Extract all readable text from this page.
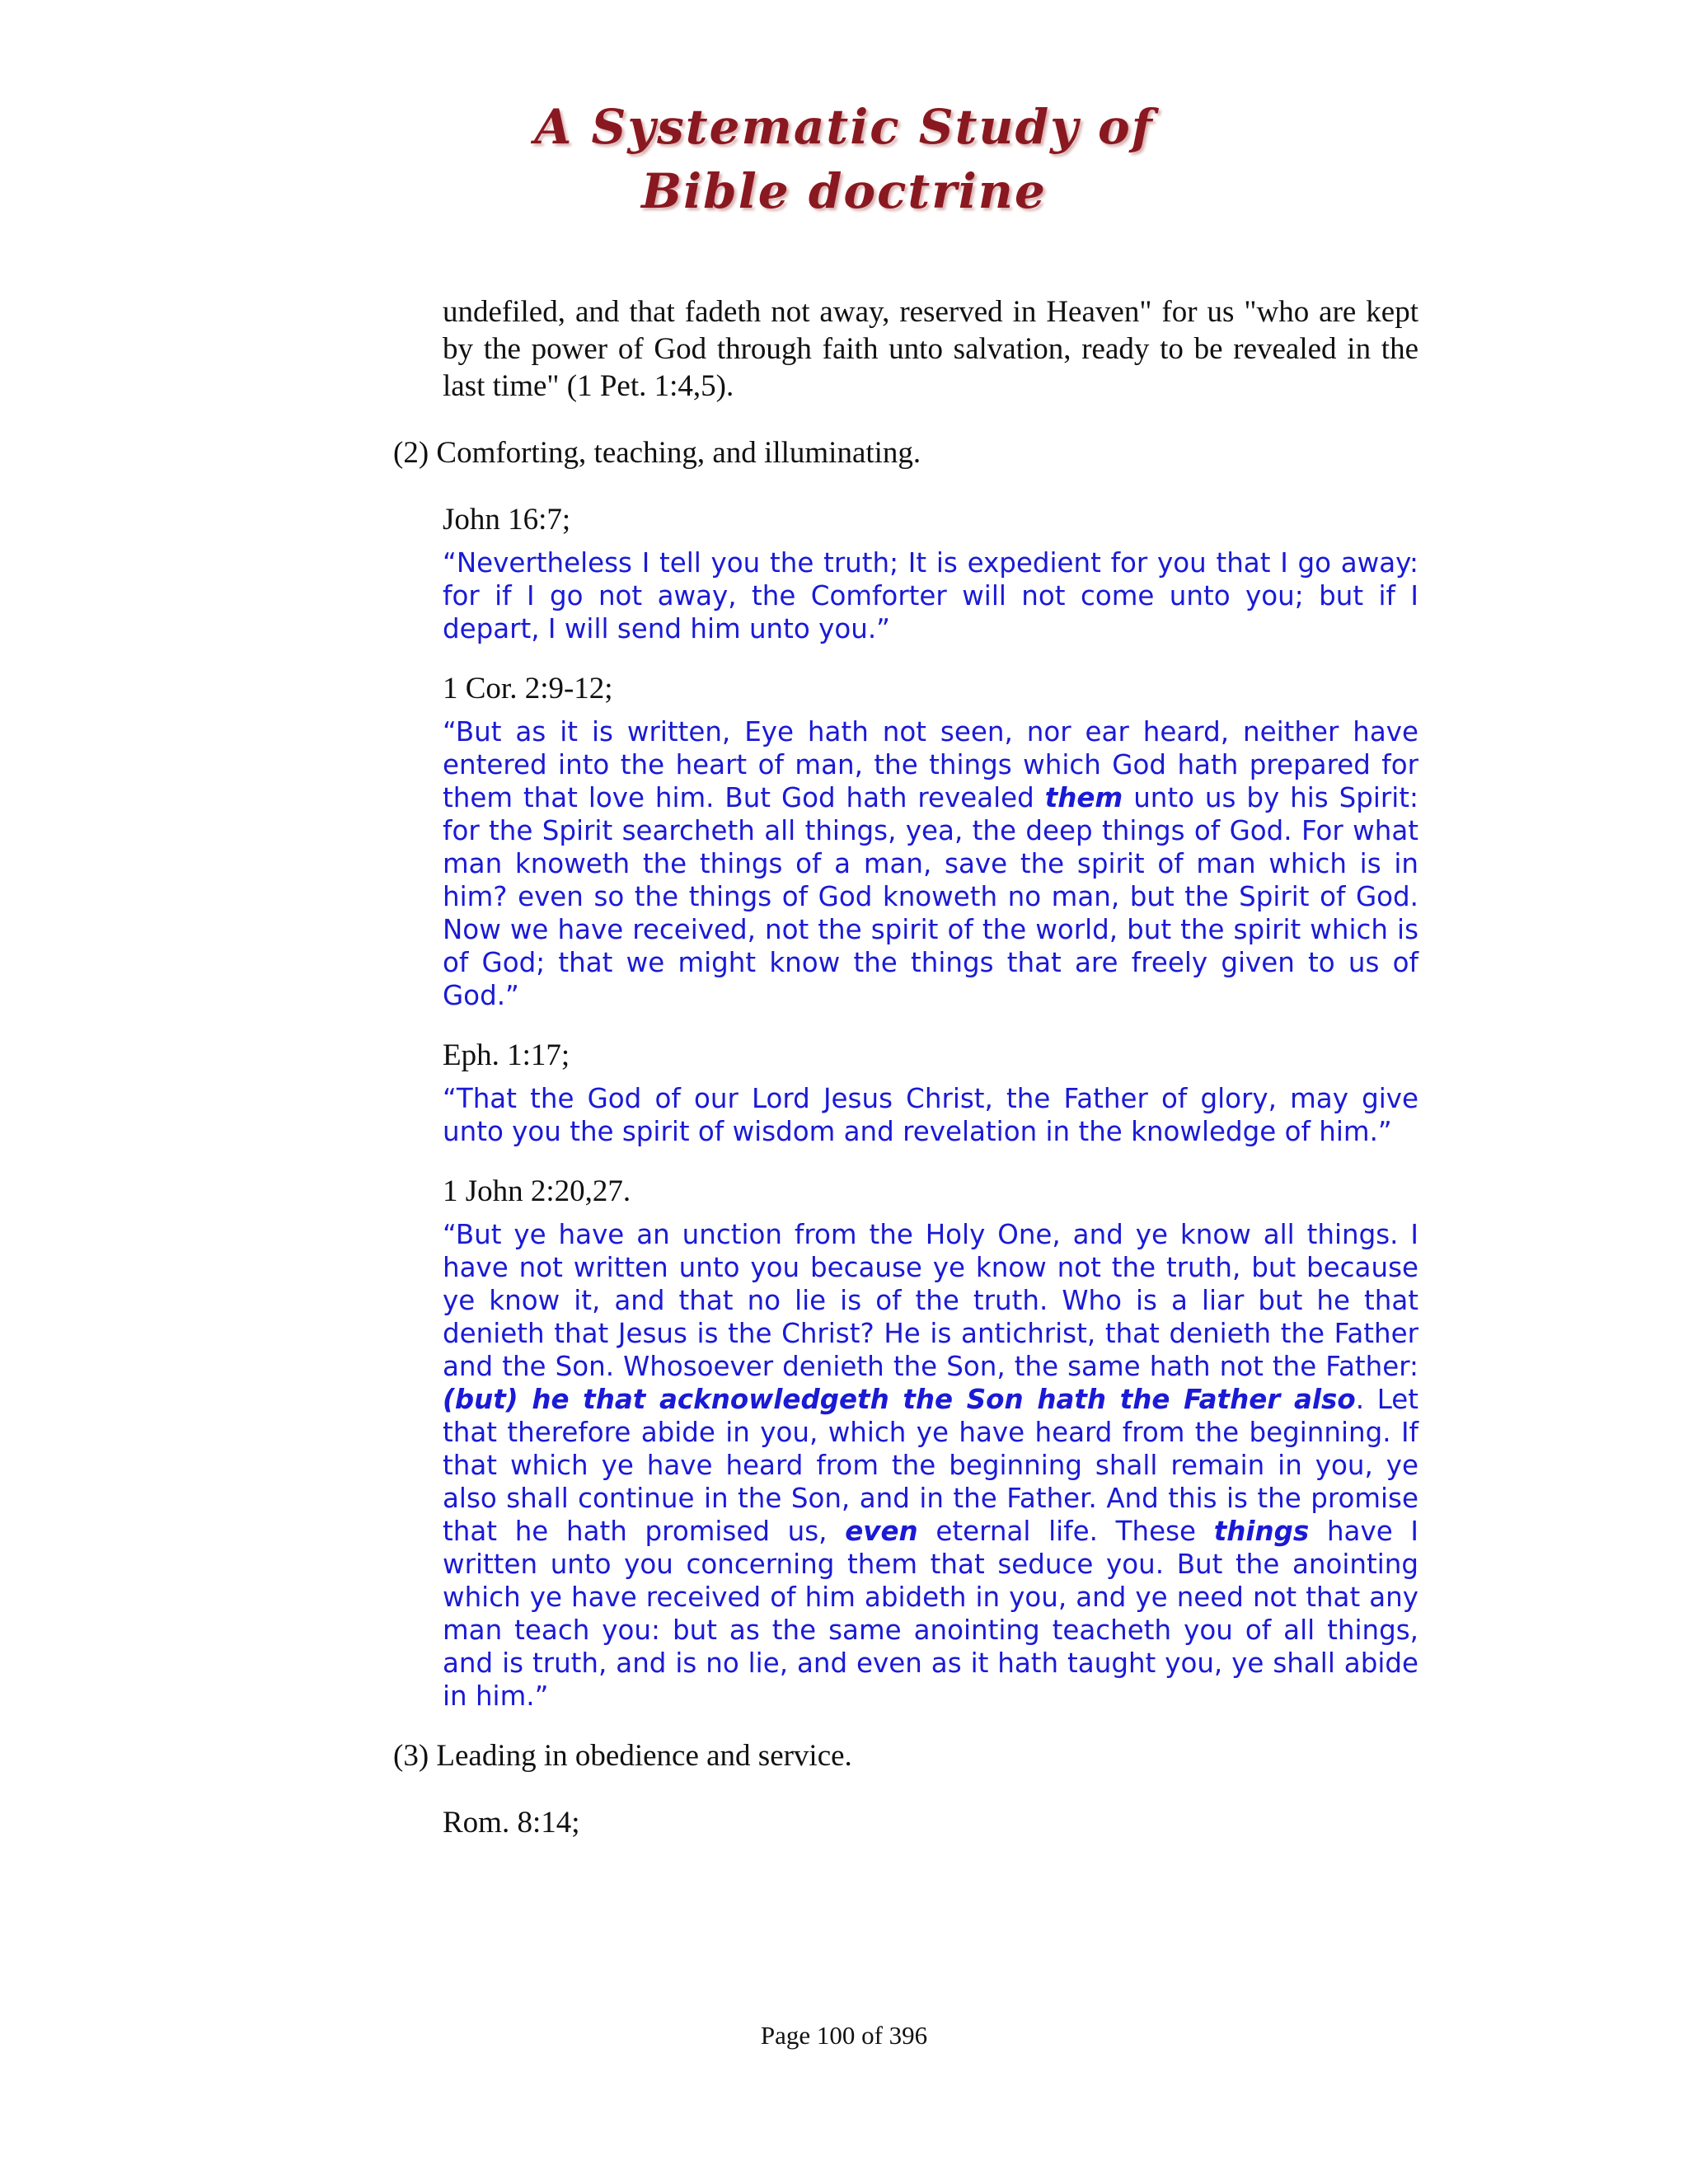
A Systematic Study of
Bible doctrine

undefiled, and that fadeth not away, reserved in Heaven" for us "who are kept by the power of God through faith unto salvation, ready to be revealed in the last time" (1 Pet. 1:4,5).

(2) Comforting, teaching, and illuminating.

John 16:7;

“Nevertheless I tell you the truth; It is expedient for you that I go away: for if I go not away, the Comforter will not come unto you; but if I depart, I will send him unto you.”

1 Cor. 2:9-12;

“But as it is written, Eye hath not seen, nor ear heard, neither have entered into the heart of man, the things which God hath prepared for them that love him. But God hath revealed them unto us by his Spirit: for the Spirit searcheth all things, yea, the deep things of God. For what man knoweth the things of a man, save the spirit of man which is in him? even so the things of God knoweth no man, but the Spirit of God. Now we have received, not the spirit of the world, but the spirit which is of God; that we might know the things that are freely given to us of God.”

Eph. 1:17;

“That the God of our Lord Jesus Christ, the Father of glory, may give unto you the spirit of wisdom and revelation in the knowledge of him.”

1 John 2:20,27.

“But ye have an unction from the Holy One, and ye know all things. I have not written unto you because ye know not the truth, but because ye know it, and that no lie is of the truth. Who is a liar but he that denieth that Jesus is the Christ? He is antichrist, that denieth the Father and the Son. Whosoever denieth the Son, the same hath not the Father: (but) he that acknowledgeth the Son hath the Father also. Let that therefore abide in you, which ye have heard from the beginning. If that which ye have heard from the beginning shall remain in you, ye also shall continue in the Son, and in the Father. And this is the promise that he hath promised us, even eternal life. These things have I written unto you concerning them that seduce you. But the anointing which ye have received of him abideth in you, and ye need not that any man teach you: but as the same anointing teacheth you of all things, and is truth, and is no lie, and even as it hath taught you, ye shall abide in him.”

(3) Leading in obedience and service.

Rom. 8:14;

Page 100 of 396
